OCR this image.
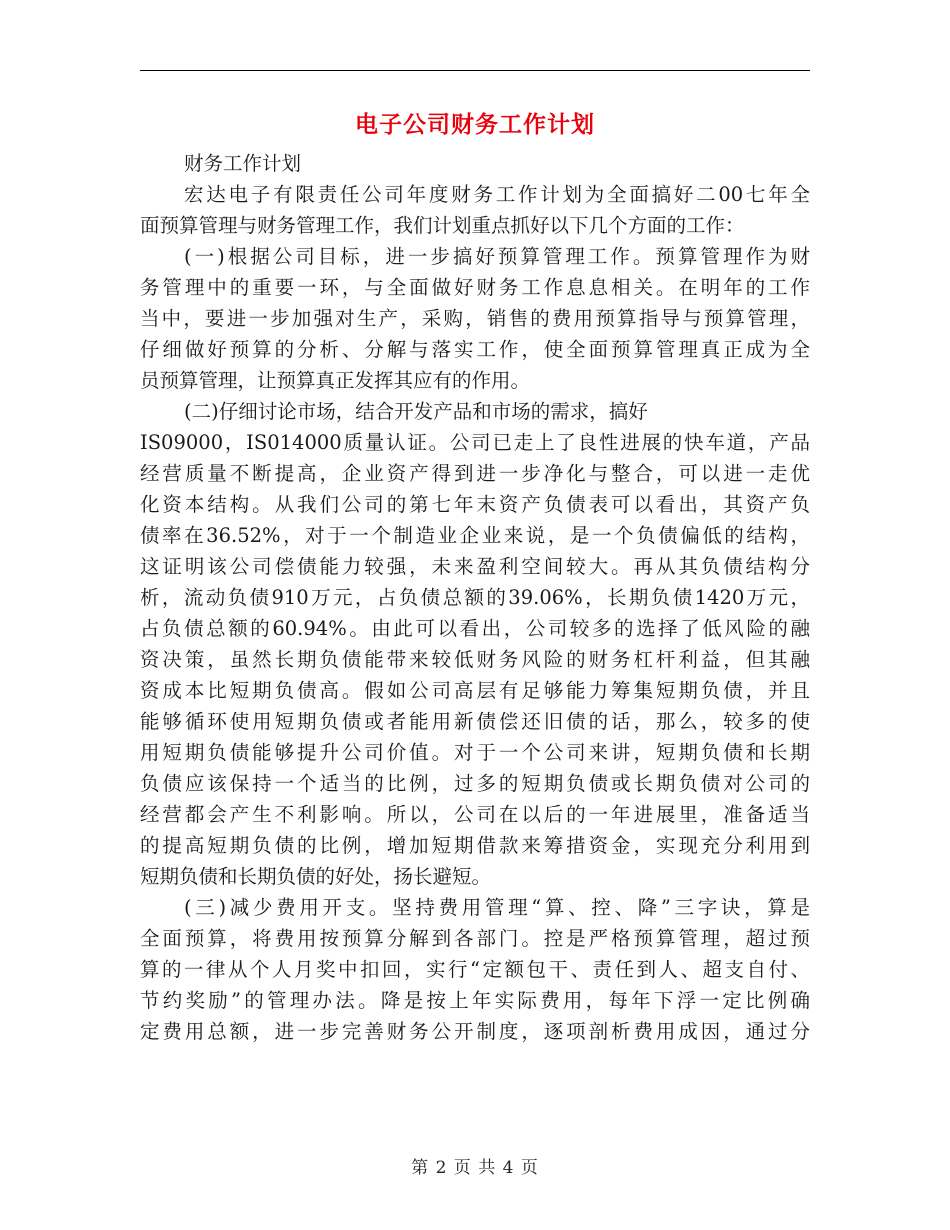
电子公司财务工作计划
财务工作计划
宏达电子有限责任公司年度财务工作计划为全面搞好二00七年全
面预算管理与财务管理工作，我们计划重点抓好以下几个方面的工作：
(一)根据公司目标，进一步搞好预算管理工作。预算管理作为财
务管理中的重要一环，与全面做好财务工作息息相关。在明年的工作
当中，要进一步加强对生产，采购，销售的费用预算指导与预算管理，
仔细做好预算的分析、分解与落实工作，使全面预算管理真正成为全
员预算管理，让预算真正发挥其应有的作用。
(二)仔细讨论市场，结合开发产品和市场的需求，搞好
IS09000，IS014000质量认证。公司已走上了良性进展的快车道，产品
经营质量不断提高，企业资产得到进一步净化与整合，可以进一走优
化资本结构。从我们公司的第七年末资产负债表可以看出，其资产负
债率在36.52%，对于一个制造业企业来说，是一个负债偏低的结构，
这证明该公司偿债能力较强，未来盈利空间较大。再从其负债结构分
析，流动负债910万元，占负债总额的39.06%，长期负债1420万元，
占负债总额的60.94%。由此可以看出，公司较多的选择了低风险的融
资决策，虽然长期负债能带来较低财务风险的财务杠杆利益，但其融
资成本比短期负债高。假如公司高层有足够能力筹集短期负债，并且
能够循环使用短期负债或者能用新债偿还旧债的话，那么，较多的使
用短期负债能够提升公司价值。对于一个公司来讲，短期负债和长期
负债应该保持一个适当的比例，过多的短期负债或长期负债对公司的
经营都会产生不利影响。所以，公司在以后的一年进展里，准备适当
的提高短期负债的比例，增加短期借款来筹措资金，实现充分利用到
短期负债和长期负债的好处，扬长避短。
(三)减少费用开支。坚持费用管理“算、控、降”三字诀，算是
全面预算，将费用按预算分解到各部门。控是严格预算管理，超过预
算的一律从个人月奖中扣回，实行“定额包干、责任到人、超支自付、
节约奖励”的管理办法。降是按上年实际费用，每年下浮一定比例确
定费用总额，进一步完善财务公开制度，逐项剖析费用成因，通过分
第 2 页 共 4 页
